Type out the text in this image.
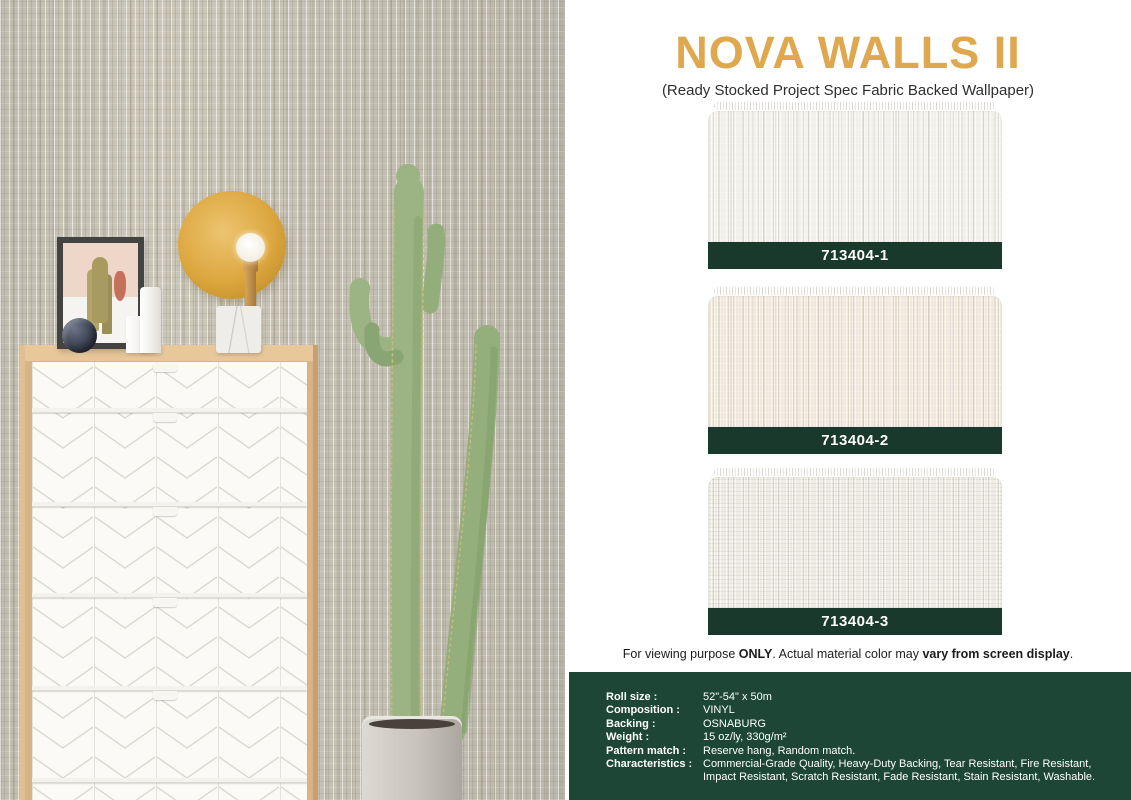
NOVA WALLS II
(Ready Stocked Project Spec Fabric Backed Wallpaper)
713404-1
713404-2
713404-3
For viewing purpose ONLY. Actual material color may vary from screen display.
Roll size :	52"-54" x 50m
Composition :	VINYL
Backing :	OSNABURG
Weight :	15 oz/ly, 330g/m²
Pattern match :	Reserve hang, Random match.
Characteristics : Commercial-Grade Quality, Heavy-Duty Backing, Tear Resistant, Fire Resistant, Impact Resistant, Scratch Resistant, Fade Resistant, Stain Resistant, Washable.
